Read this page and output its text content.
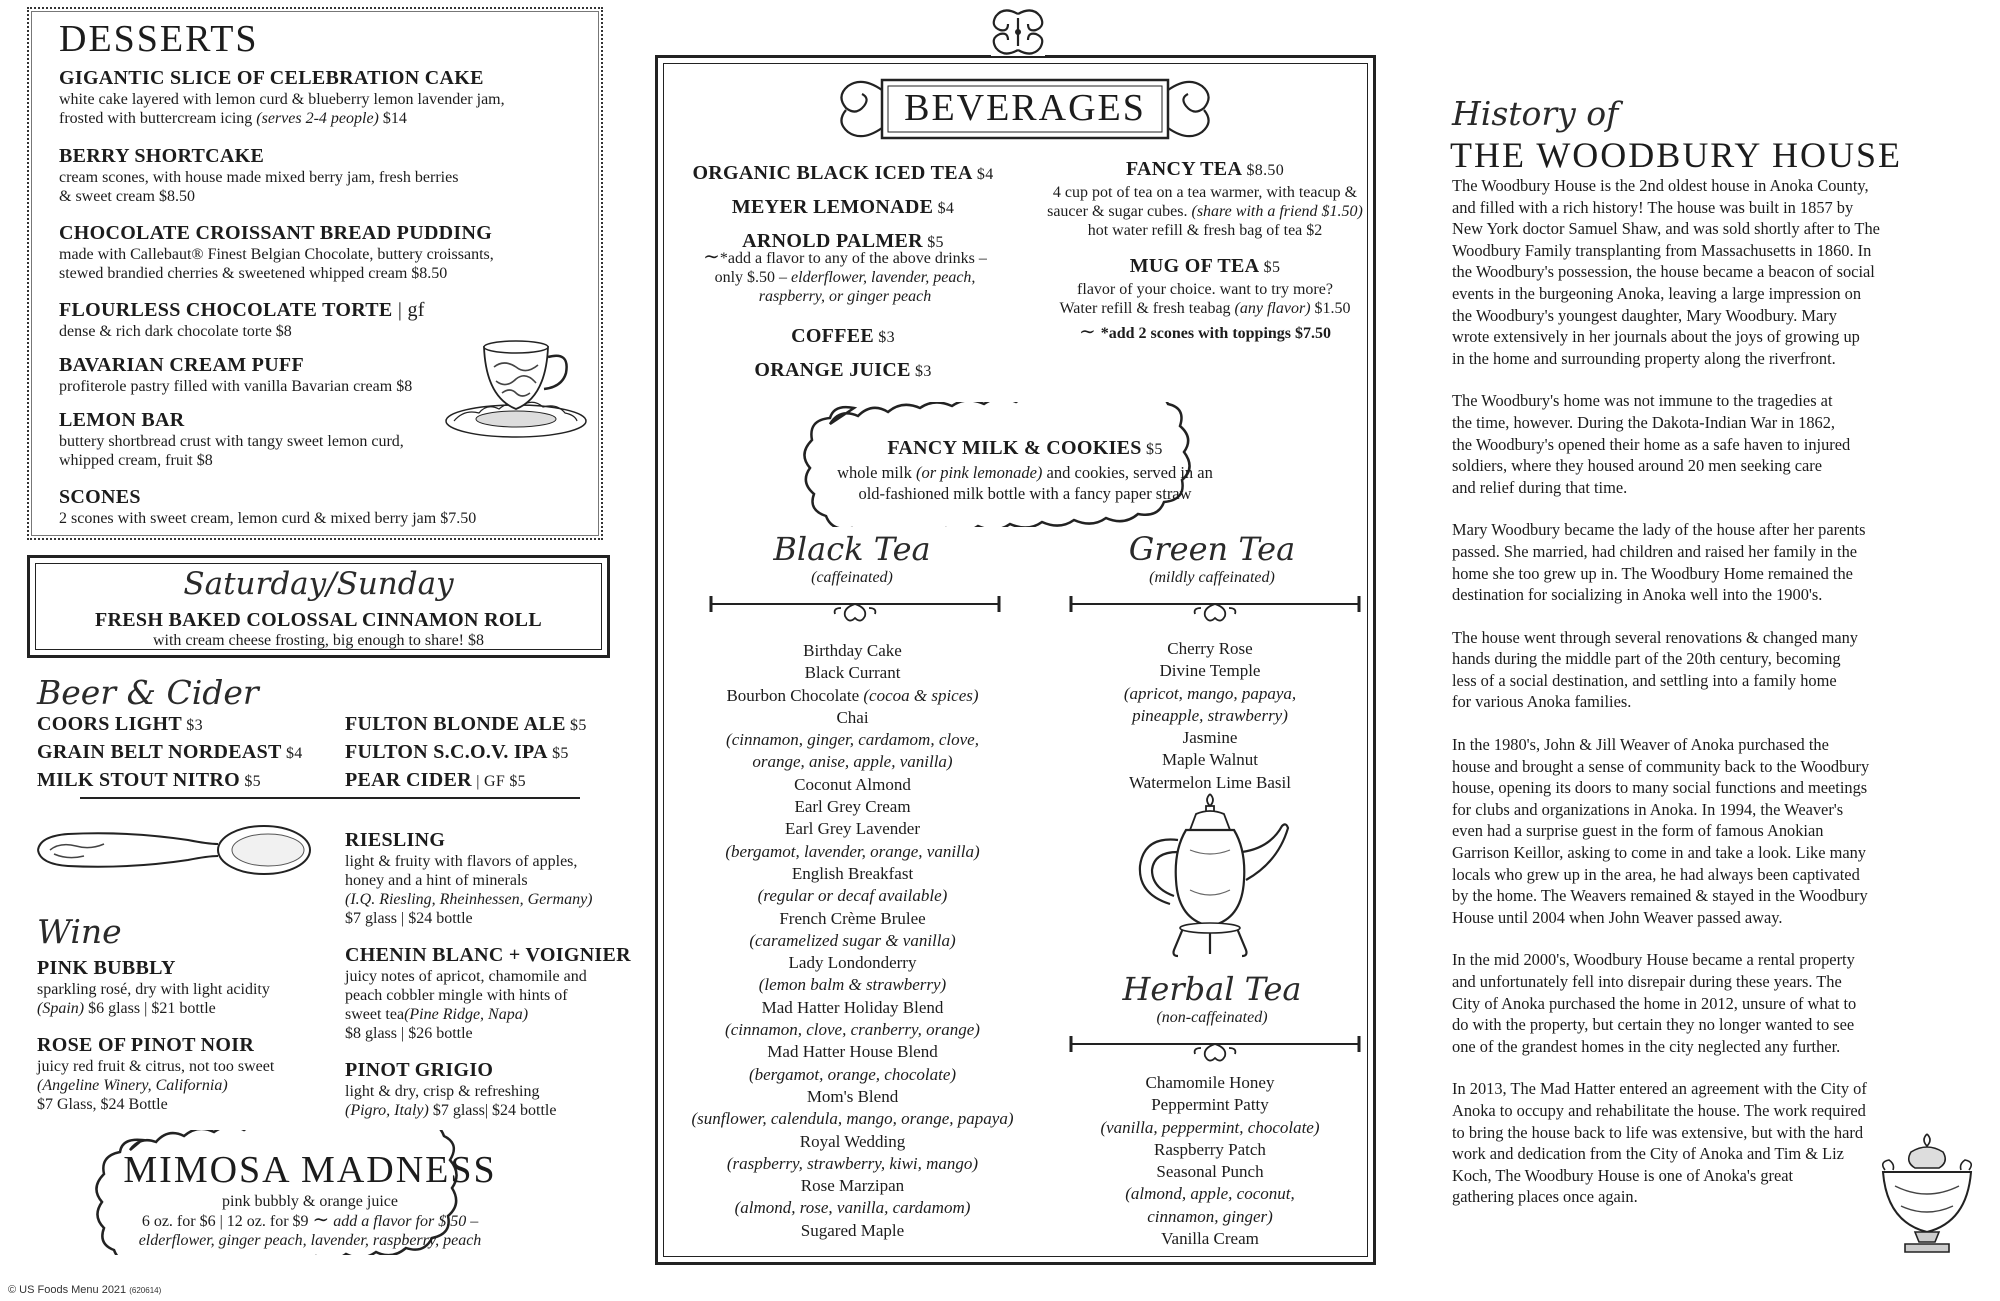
DESSERTS
GIGANTIC SLICE OF CELEBRATION CAKE
white cake layered with lemon curd & blueberry lemon lavender jam,
frosted with buttercream icing (serves 2-4 people) $14
BERRY SHORTCAKE
cream scones, with house made mixed berry jam, fresh berries
& sweet cream $8.50
CHOCOLATE CROISSANT BREAD PUDDING
made with Callebaut® Finest Belgian Chocolate, buttery croissants,
stewed brandied cherries & sweetened whipped cream $8.50
FLOURLESS CHOCOLATE TORTE | gf
dense & rich dark chocolate torte $8
BAVARIAN CREAM PUFF
profiterole pastry filled with vanilla Bavarian cream $8
LEMON BAR
buttery shortbread crust with tangy sweet lemon curd,
whipped cream, fruit $8
SCONES
2 scones with sweet cream, lemon curd & mixed berry jam $7.50
Saturday/Sunday
FRESH BAKED COLOSSAL CINNAMON ROLL
with cream cheese frosting, big enough to share! $8
Beer & Cider
COORS LIGHT $3
GRAIN BELT NORDEAST $4
MILK STOUT NITRO $5
FULTON BLONDE ALE $5
FULTON S.C.O.V. IPA $5
PEAR CIDER | GF $5
Wine
PINK BUBBLY
sparkling rosé, dry with light acidity
(Spain) $6 glass | $21 bottle
ROSE OF PINOT NOIR
juicy red fruit & citrus, not too sweet
(Angeline Winery, California)
$7 Glass, $24 Bottle
RIESLING
light & fruity with flavors of apples,
honey and a hint of minerals
(I.Q. Riesling, Rheinhessen, Germany)
$7 glass | $24 bottle
CHENIN BLANC + VOIGNIER
juicy notes of apricot, chamomile and
peach cobbler mingle with hints of
sweet tea(Pine Ridge, Napa)
$8 glass | $26 bottle
PINOT GRIGIO
light & dry, crisp & refreshing
(Pigro, Italy) $7 glass| $24 bottle
MIMOSA MADNESS
pink bubbly & orange juice
6 oz. for $6 | 12 oz. for $9 ∼ add a flavor for $.50 –
elderflower, ginger peach, lavender, raspberry, peach
© US Foods Menu 2021 (620614)
BEVERAGES
ORGANIC BLACK ICED TEA $4
MEYER LEMONADE $4
ARNOLD PALMER $5
∼*add a flavor to any of the above drinks –
only $.50 – elderflower, lavender, peach,
raspberry, or ginger peach
COFFEE $3
ORANGE JUICE $3
FANCY TEA $8.50
4 cup pot of tea on a tea warmer, with teacup &
saucer & sugar cubes. (share with a friend $1.50)
hot water refill & fresh bag of tea $2
MUG OF TEA $5
flavor of your choice. want to try more?
Water refill & fresh teabag (any flavor) $1.50
∼ *add 2 scones with toppings $7.50
FANCY MILK & COOKIES $5
whole milk (or pink lemonade) and cookies, served in an
old-fashioned milk bottle with a fancy paper straw
Black Tea
(caffeinated)
Green Tea
(mildly caffeinated)
Birthday Cake
Black Currant
Bourbon Chocolate (cocoa & spices)
Chai
(cinnamon, ginger, cardamom, clove,
orange, anise, apple, vanilla)
Coconut Almond
Earl Grey Cream
Earl Grey Lavender
(bergamot, lavender, orange, vanilla)
English Breakfast
(regular or decaf available)
French Crème Brulee
(caramelized sugar & vanilla)
Lady Londonderry
(lemon balm & strawberry)
Mad Hatter Holiday Blend
(cinnamon, clove, cranberry, orange)
Mad Hatter House Blend
(bergamot, orange, chocolate)
Mom's Blend
(sunflower, calendula, mango, orange, papaya)
Royal Wedding
(raspberry, strawberry, kiwi, mango)
Rose Marzipan
(almond, rose, vanilla, cardamom)
Sugared Maple
Cherry Rose
Divine Temple
(apricot, mango, papaya,
pineapple, strawberry)
Jasmine
Maple Walnut
Watermelon Lime Basil
Herbal Tea
(non-caffeinated)
Chamomile Honey
Peppermint Patty
(vanilla, peppermint, chocolate)
Raspberry Patch
Seasonal Punch
(almond, apple, coconut,
cinnamon, ginger)
Vanilla Cream
History of
THE WOODBURY HOUSE

The Woodbury House is the 2nd oldest house in Anoka County,
and filled with a rich history! The house was built in 1857 by
New York doctor Samuel Shaw, and was sold shortly after to The
Woodbury Family transplanting from Massachusetts in 1860. In
the Woodbury's possession, the house became a beacon of social
events in the burgeoning Anoka, leaving a large impression on
the Woodbury's youngest daughter, Mary Woodbury. Mary
wrote extensively in her journals about the joys of growing up
in the home and surrounding property along the riverfront.

The Woodbury's home was not immune to the tragedies at
the time, however. During the Dakota-Indian War in 1862,
the Woodbury's opened their home as a safe haven to injured
soldiers, where they housed around 20 men seeking care
and relief during that time.

Mary Woodbury became the lady of the house after her parents
passed. She married, had children and raised her family in the
home she too grew up in. The Woodbury Home remained the
destination for socializing in Anoka well into the 1900's.

The house went through several renovations & changed many
hands during the middle part of the 20th century, becoming
less of a social destination, and settling into a family home
for various Anoka families.

In the 1980's, John & Jill Weaver of Anoka purchased the
house and brought a sense of community back to the Woodbury
house, opening its doors to many social functions and meetings
for clubs and organizations in Anoka. In 1994, the Weaver's
even had a surprise guest in the form of famous Anokian
Garrison Keillor, asking to come in and take a look. Like many
locals who grew up in the area, he had always been captivated
by the home. The Weavers remained & stayed in the Woodbury
House until 2004 when John Weaver passed away.

In the mid 2000's, Woodbury House became a rental property
and unfortunately fell into disrepair during these years. The
City of Anoka purchased the home in 2012, unsure of what to
do with the property, but certain they no longer wanted to see
one of the grandest homes in the city neglected any further.

In 2013, The Mad Hatter entered an agreement with the City of
Anoka to occupy and rehabilitate the house. The work required
to bring the house back to life was extensive, but with the hard
work and dedication from the City of Anoka and Tim & Liz
Koch, The Woodbury House is one of Anoka's great
gathering places once again.
